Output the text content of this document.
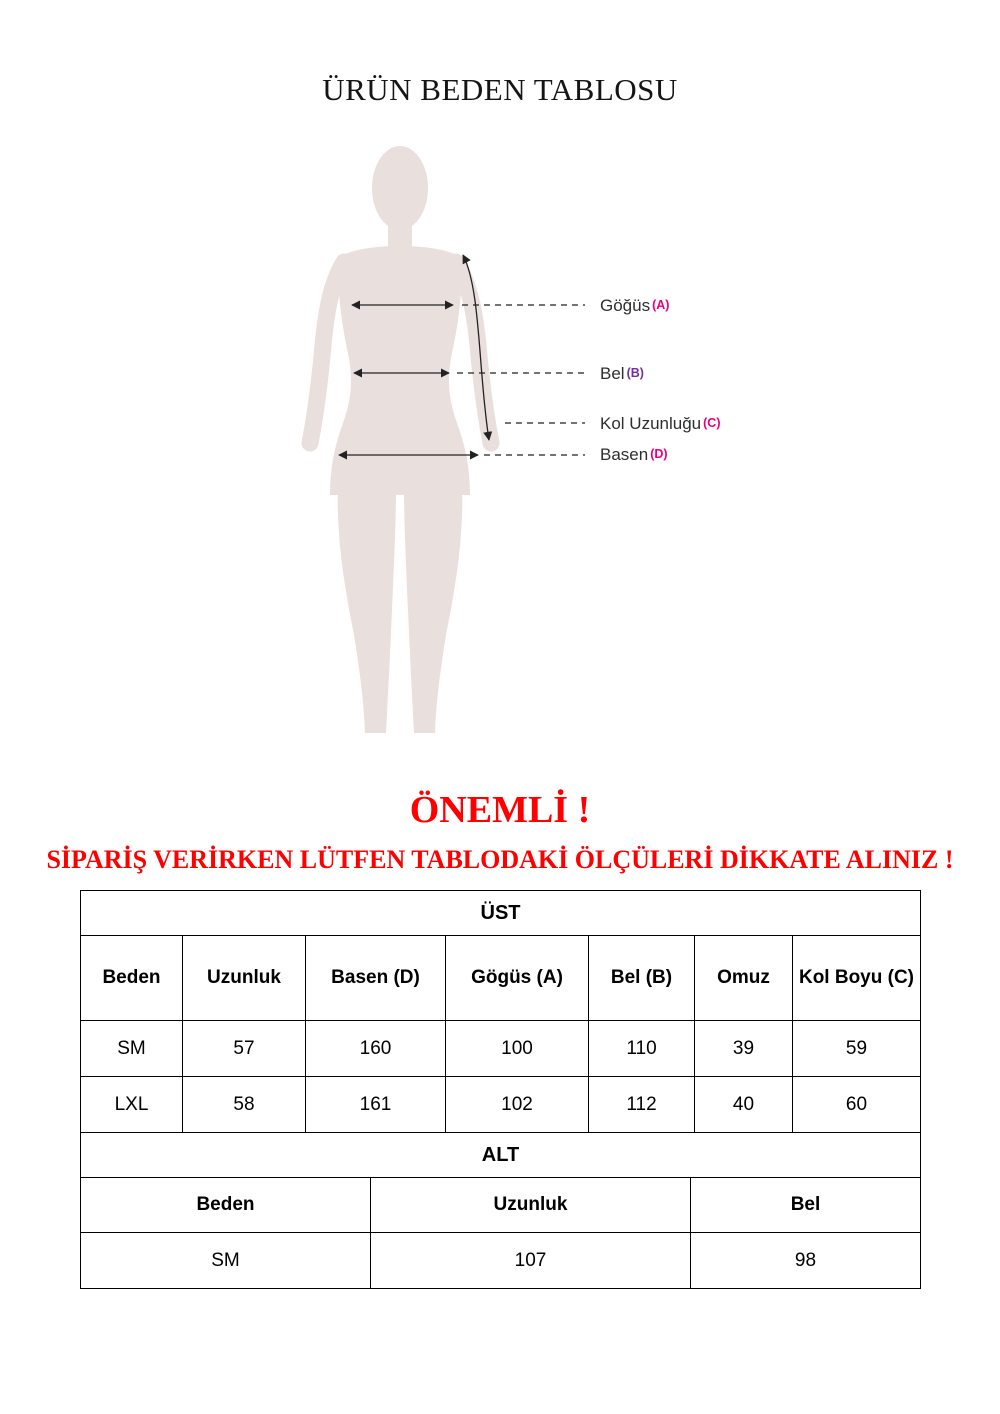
ÜRÜN BEDEN TABLOSU
Göğüs (A)
Bel (B)
Kol Uzunluğu (C)
Basen (D)
ÖNEMLİ !
SİPARİŞ VERİRKEN LÜTFEN TABLODAKİ ÖLÇÜLERİ DİKKATE ALINIZ !
ÜST						
Beden	Uzunluk	Basen (D)	Gögüs (A)	Bel (B)	Omuz	Kol Boyu (C)
SM	57	160	100	110	39	59
LXL	58	161	102	112	40	60
ALT		
Beden	Uzunluk	Bel
SM	107	98
